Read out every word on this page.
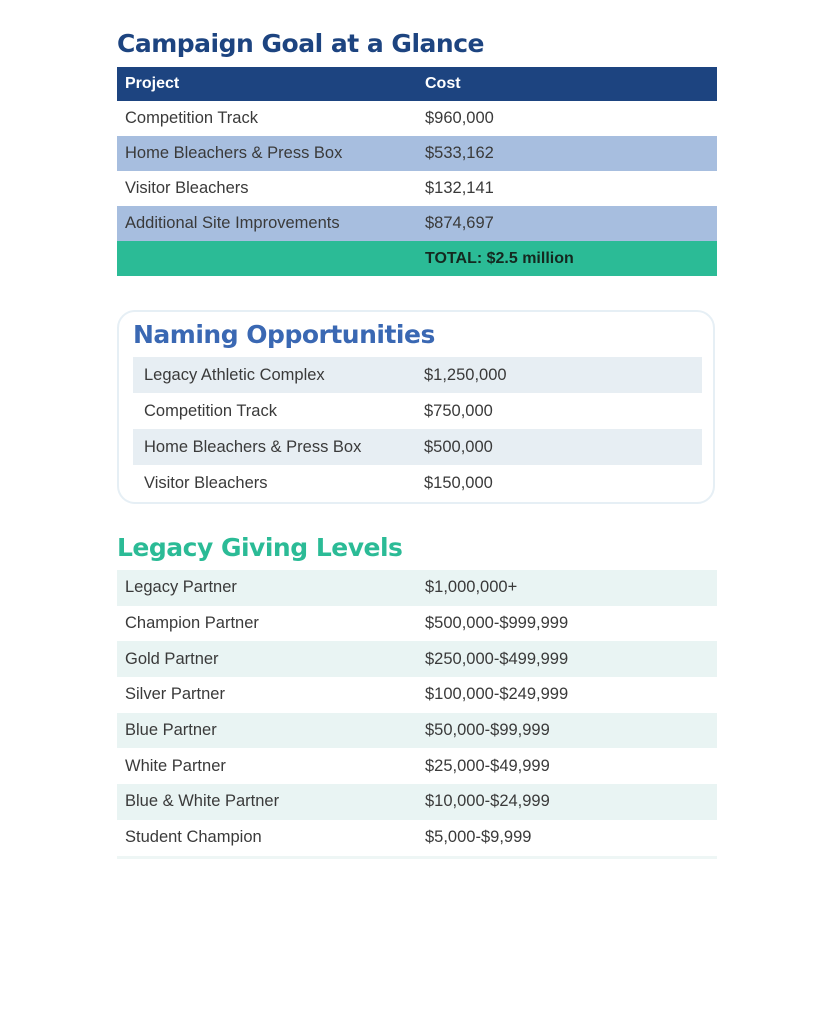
Campaign Goal at a Glance
Project	Cost
Competition Track	$960,000
Home Bleachers & Press Box	$533,162
Visitor Bleachers	$132,141
Additional Site Improvements	$874,697
TOTAL: $2.5 million
Naming Opportunities
Legacy Athletic Complex	$1,250,000
Competition Track	$750,000
Home Bleachers & Press Box	$500,000
Visitor Bleachers	$150,000
Legacy Giving Levels
Legacy Partner	$1,000,000+
Champion Partner	$500,000-$999,999
Gold Partner	$250,000-$499,999
Silver Partner	$100,000-$249,999
Blue Partner	$50,000-$99,999
White Partner	$25,000-$49,999
Blue & White Partner	$10,000-$24,999
Student Champion	$5,000-$9,999
